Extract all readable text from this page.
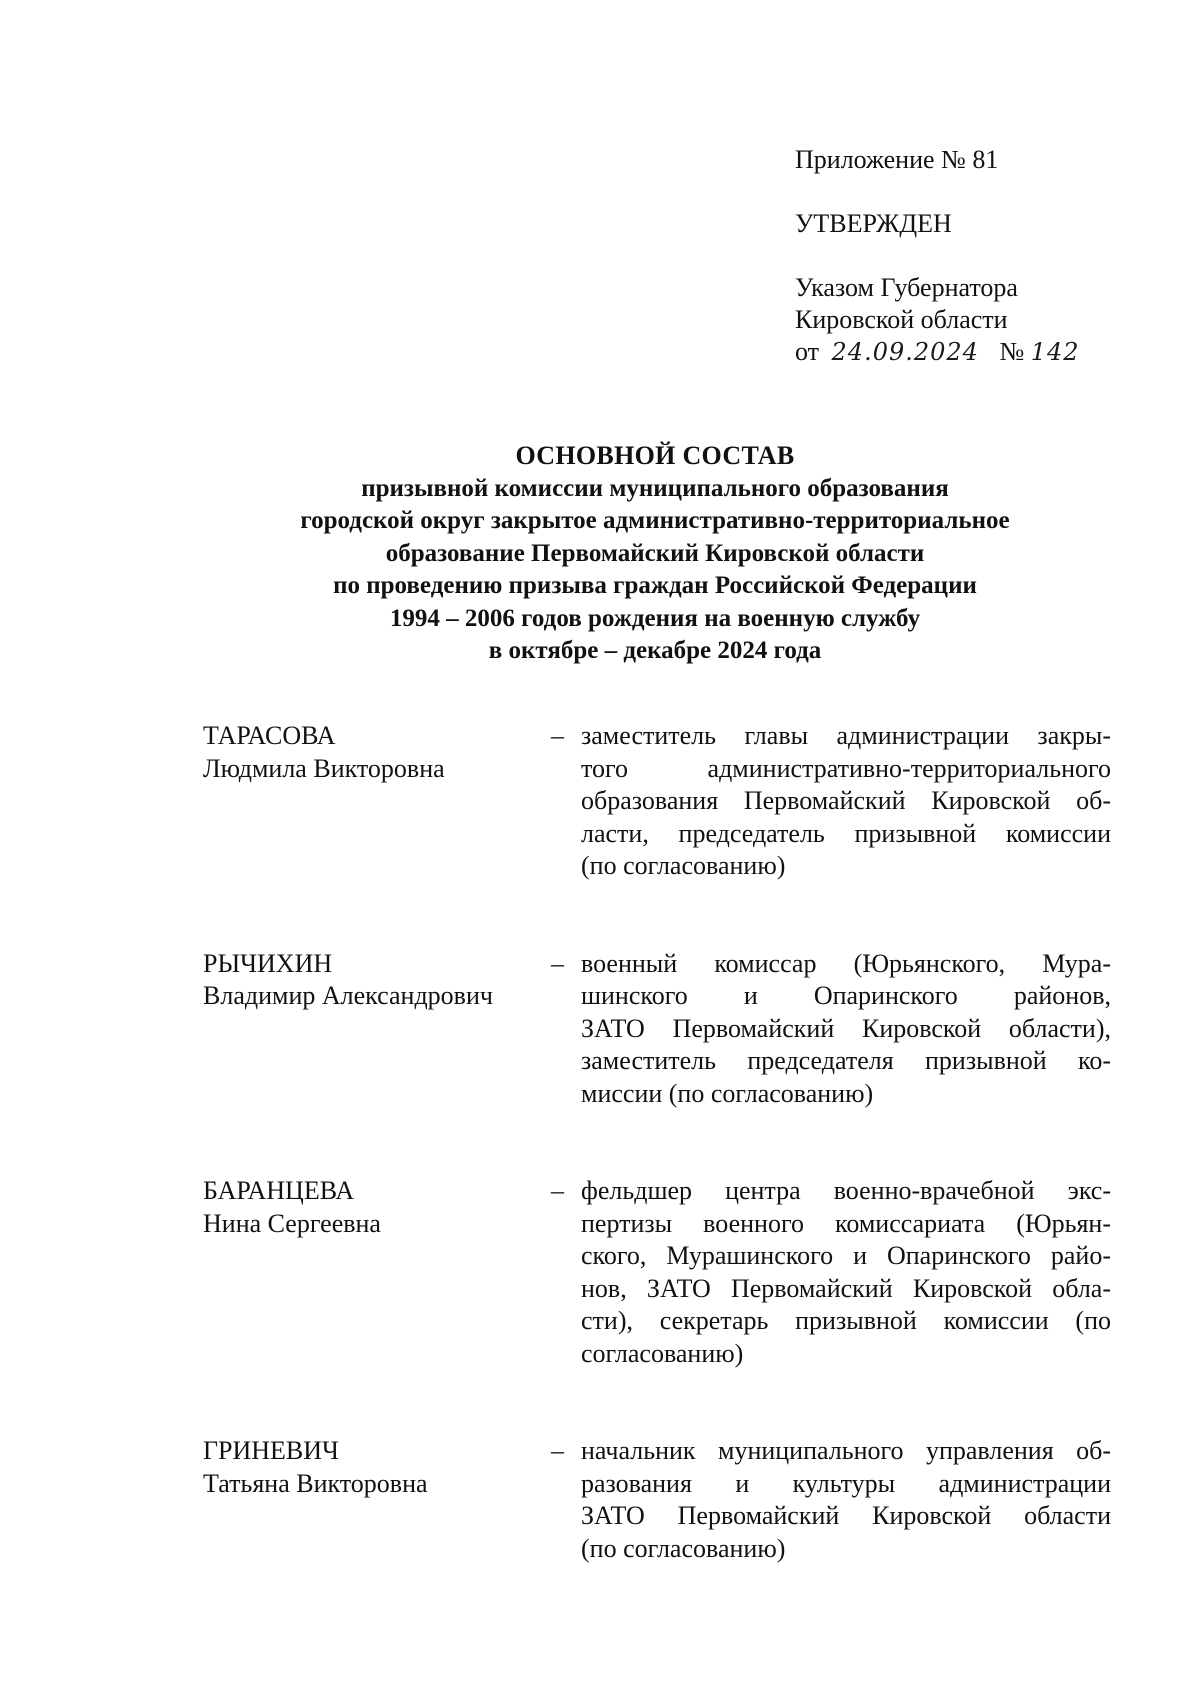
Приложение № 81
УТВЕРЖДЕН
Указом Губернатора
Кировской области
от 24.09.2024 № 142
ОСНОВНОЙ СОСТАВ
призывной комиссии муниципального образования
городской округ закрытое административно-территориальное
образование Первомайский Кировской области
по проведению призыва граждан Российской Федерации
1994 – 2006 годов рождения на военную службу
в октябре – декабре 2024 года
ТАРАСОВА
Людмила Викторовна
– заместитель главы администрации закры-
того административно-территориального
образования Первомайский Кировской об-
ласти, председатель призывной комиссии
(по согласованию)
РЫЧИХИН
Владимир Александрович
– военный комиссар (Юрьянского, Мура-
шинского и Опаринского районов,
ЗАТО Первомайский Кировской области),
заместитель председателя призывной ко-
миссии (по согласованию)
БАРАНЦЕВА
Нина Сергеевна
– фельдшер центра военно-врачебной экс-
пертизы военного комиссариата (Юрьян-
ского, Мурашинского и Опаринского райо-
нов, ЗАТО Первомайский Кировской обла-
сти), секретарь призывной комиссии (по
согласованию)
ГРИНЕВИЧ
Татьяна Викторовна
– начальник муниципального управления об-
разования и культуры администрации
ЗАТО Первомайский Кировской области
(по согласованию)
